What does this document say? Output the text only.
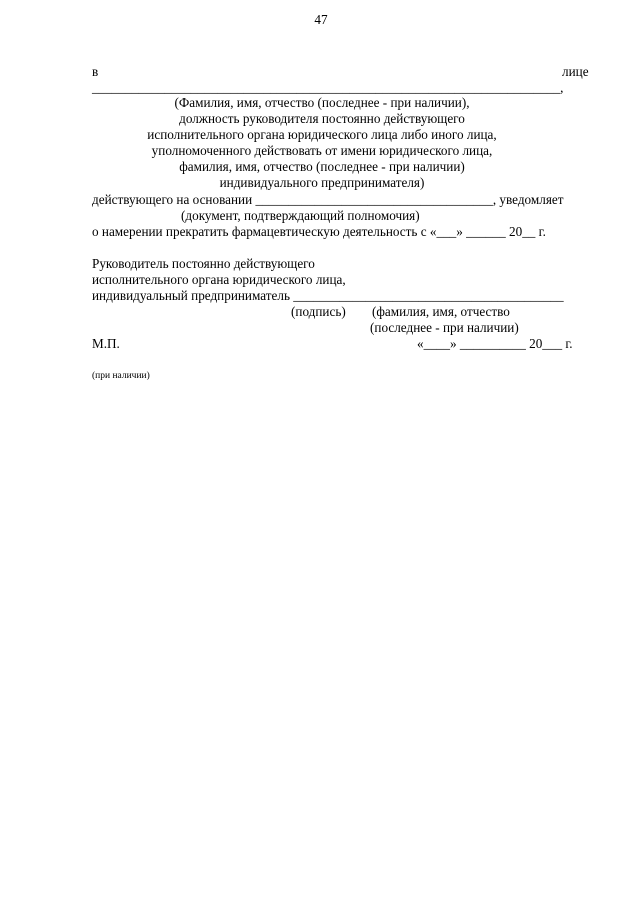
47
в	лице
_______________________________________________________________________,
(Фамилия, имя, отчество (последнее - при наличии),
должность руководителя постоянно действующего
исполнительного органа юридического лица либо иного лица,
уполномоченного действовать от имени юридического лица,
фамилия, имя, отчество (последнее - при наличии)
индивидуального предпринимателя)
действующего на основании ____________________________________, уведомляет
(документ, подтверждающий полномочия)
о намерении прекратить фармацевтическую деятельность с «___» ______ 20__ г.
Руководитель постоянно действующего
исполнительного органа юридического лица,
индивидуальный предприниматель _________________________________________
(подпись) (фамилия, имя, отчество
(последнее - при наличии)
М.П.	«____» __________ 20___ г.
(при наличии)
